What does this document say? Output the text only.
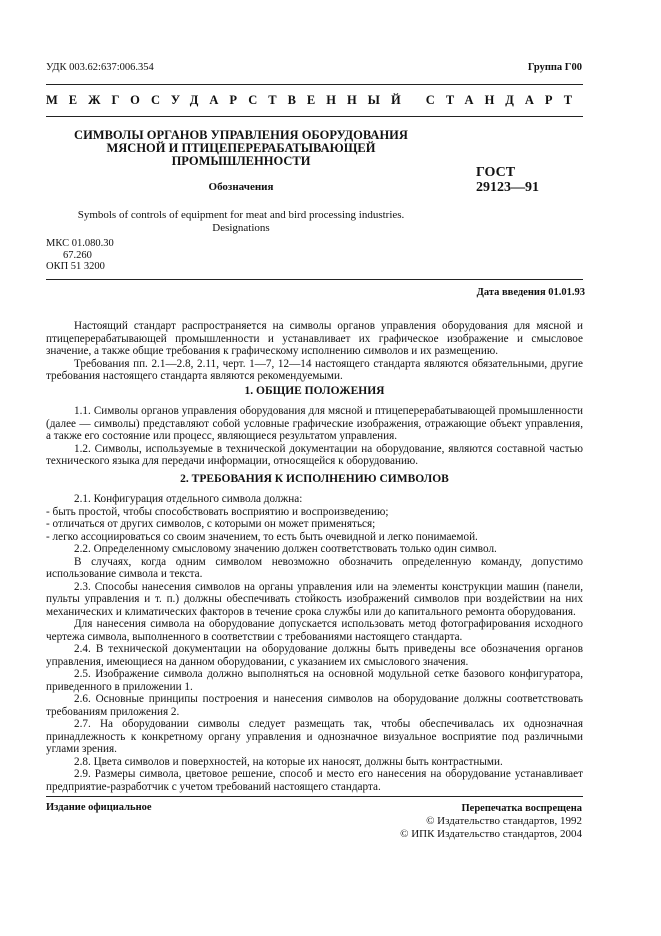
УДК 003.62:637:006.354	Группа Г00
МЕЖГОСУДАРСТВЕННЫЙ СТАНДАРТ
СИМВОЛЫ ОРГАНОВ УПРАВЛЕНИЯ ОБОРУДОВАНИЯ
МЯСНОЙ И ПТИЦЕПЕРЕРАБАТЫВАЮЩЕЙ
ПРОМЫШЛЕННОСТИ
Обозначения
ГОСТ
29123—91
Symbols of controls of equipment for meat and bird processing industries.
Designations
МКС 01.080.30
67.260
ОКП 51 3200
Дата введения 01.01.93

Настоящий стандарт распространяется на символы органов управления оборудования для мясной и птицеперерабатывающей промышленности и устанавливает их графическое изображение и смысловое значение, а также общие требования к графическому исполнению символов и их размещению.

Требования пп. 2.1—2.8, 2.11, черт. 1—7, 12—14 настоящего стандарта являются обязательными, другие требования настоящего стандарта являются рекомендуемыми.

1. ОБЩИЕ ПОЛОЖЕНИЯ

1.1. Символы органов управления оборудования для мясной и птицеперерабатывающей промышленности (далее — символы) представляют собой условные графические изображения, отражающие объект управления, а также его состояние или процесс, являющиеся результатом управления.

1.2. Символы, используемые в технической документации на оборудование, являются составной частью технического языка для передачи информации, относящейся к оборудованию.

2. ТРЕБОВАНИЯ К ИСПОЛНЕНИЮ СИМВОЛОВ

2.1. Конфигурация отдельного символа должна:

- быть простой, чтобы способствовать восприятию и воспроизведению;

- отличаться от других символов, с которыми он может применяться;

- легко ассоциироваться со своим значением, то есть быть очевидной и легко понимаемой.

2.2. Определенному смысловому значению должен соответствовать только один символ.

В случаях, когда одним символом невозможно обозначить определенную команду, допустимо использование символа и текста.

2.3. Способы нанесения символов на органы управления или на элементы конструкции машин (панели, пульты управления и т. п.) должны обеспечивать стойкость изображений символов при воздействии на них механических и климатических факторов в течение срока службы или до капитального ремонта оборудования.

Для нанесения символа на оборудование допускается использовать метод фотографирования исходного чертежа символа, выполненного в соответствии с требованиями настоящего стандарта.

2.4. В технической документации на оборудование должны быть приведены все обозначения органов управления, имеющиеся на данном оборудовании, с указанием их смыслового значения.

2.5. Изображение символа должно выполняться на основной модульной сетке базового конфигуратора, приведенного в приложении 1.

2.6. Основные принципы построения и нанесения символов на оборудование должны соответствовать требованиям приложения 2.

2.7. На оборудовании символы следует размещать так, чтобы обеспечивалась их однозначная принадлежность к конкретному органу управления и однозначное визуальное восприятие под различными углами зрения.

2.8. Цвета символов и поверхностей, на которые их наносят, должны быть контрастными.

2.9. Размеры символа, цветовое решение, способ и место его нанесения на оборудование устанавливает предприятие-разработчик с учетом требований настоящего стандарта.

Издание официальное	Перепечатка воспрещена
© Издательство стандартов, 1992
© ИПК Издательство стандартов, 2004
